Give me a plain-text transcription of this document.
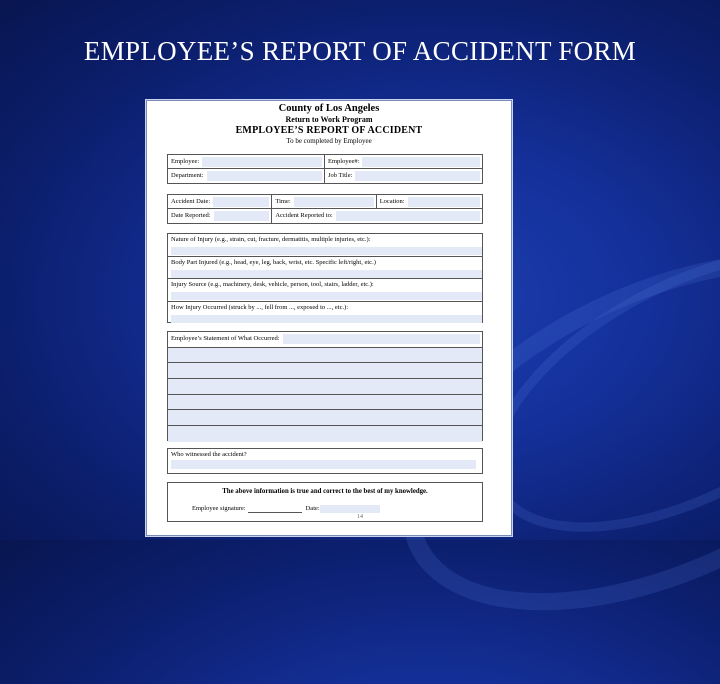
EMPLOYEE’S REPORT OF ACCIDENT FORM
County of Los Angeles
Return to Work Program
EMPLOYEE’S REPORT OF ACCIDENT
To be completed by Employee
Employee:	Employee#:
Department:	Job Title:
Accident Date:	Time:	Location:
Date Reported:	Accident Reported to:
Nature of Injury (e.g., strain, cut, fracture, dermatitis, multiple injuries, etc.):
Body Part Injured (e.g., head, eye, leg, back, wrist, etc. Specific left/right, etc.)
Injury Source (e.g., machinery, desk, vehicle, person, tool, stairs, ladder, etc.):
How Injury Occurred (struck by ..., fell from ..., exposed to ..., etc.):
Employee’s Statement of What Occurred:
Who witnessed the accident?
The above information is true and correct to the best of my knowledge.
Employee signature:	Date:
14
